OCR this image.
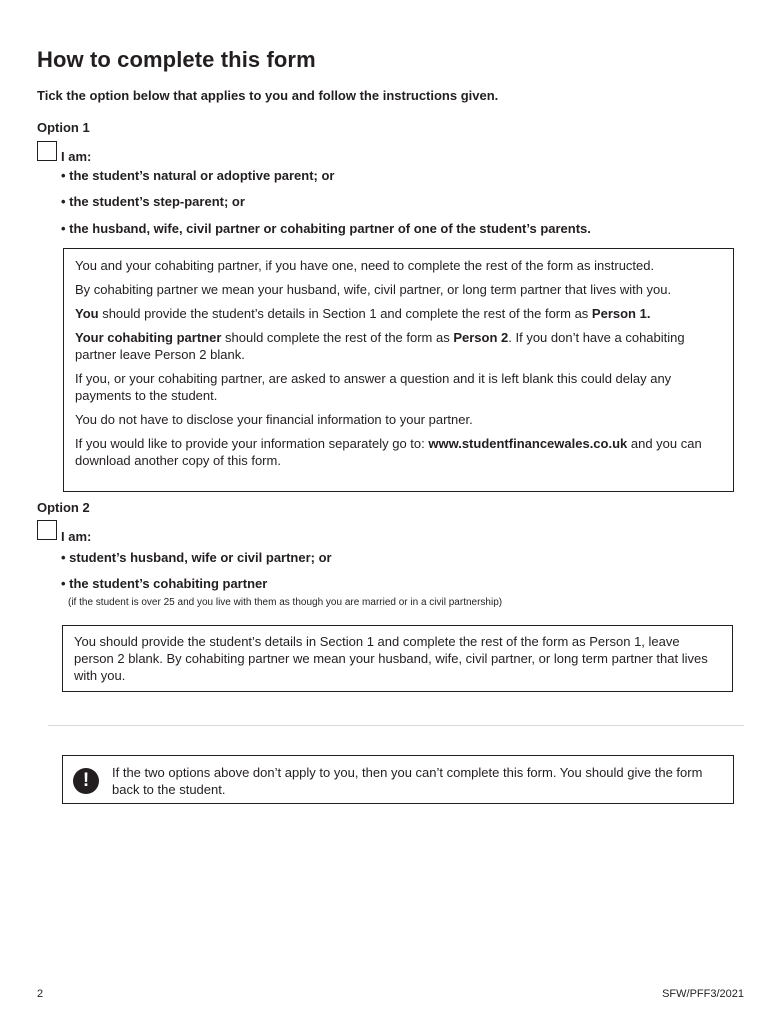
How to complete this form
Tick the option below that applies to you and follow the instructions given.
Option 1
I am:
• the student’s natural or adoptive parent; or
• the student’s step-parent; or
• the husband, wife, civil partner or cohabiting partner of one of the student’s parents.

You and your cohabiting partner, if you have one, need to complete the rest of the form as instructed.

By cohabiting partner we mean your husband, wife, civil partner, or long term partner that lives with you.

You should provide the student’s details in Section 1 and complete the rest of the form as Person 1.

Your cohabiting partner should complete the rest of the form as Person 2. If you don’t have a cohabiting partner leave Person 2 blank.

If you, or your cohabiting partner, are asked to answer a question and it is left blank this could delay any payments to the student.

You do not have to disclose your financial information to your partner.

If you would like to provide your information separately go to: www.studentfinancewales.co.uk and you can download another copy of this form.

Option 2
I am:
• student’s husband, wife or civil partner; or
• the student’s cohabiting partner
(if the student is over 25 and you live with them as though you are married or in a civil partnership)

You should provide the student’s details in Section 1 and complete the rest of the form as Person 1, leave person 2 blank. By cohabiting partner we mean your husband, wife, civil partner, or long term partner that lives with you.

!	If the two options above don’t apply to you, then you can’t complete this form. You should give the form back to the student.
2	SFW/PFF3/2021
